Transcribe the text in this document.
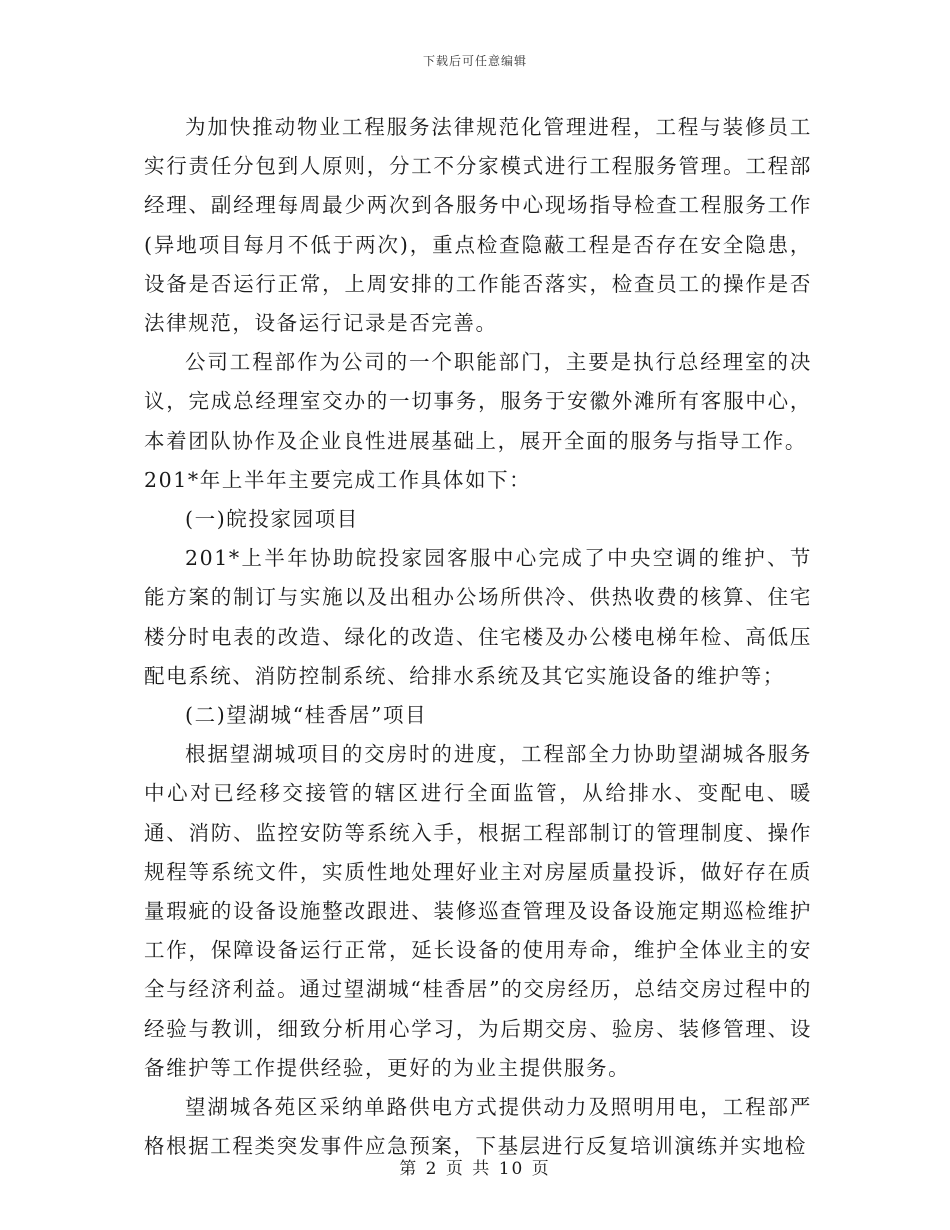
下载后可任意编辑

为加快推动物业工程服务法律规范化管理进程，工程与装修员工实行责任分包到人原则，分工不分家模式进行工程服务管理。工程部经理、副经理每周最少两次到各服务中心现场指导检查工程服务工作(异地项目每月不低于两次)，重点检查隐蔽工程是否存在安全隐患，设备是否运行正常，上周安排的工作能否落实，检查员工的操作是否法律规范，设备运行记录是否完善。

公司工程部作为公司的一个职能部门，主要是执行总经理室的决议，完成总经理室交办的一切事务，服务于安徽外滩所有客服中心，本着团队协作及企业良性进展基础上，展开全面的服务与指导工作。

201*年上半年主要完成工作具体如下：

(一)皖投家园项目

201*上半年协助皖投家园客服中心完成了中央空调的维护、节能方案的制订与实施以及出租办公场所供冷、供热收费的核算、住宅楼分时电表的改造、绿化的改造、住宅楼及办公楼电梯年检、高低压配电系统、消防控制系统、给排水系统及其它实施设备的维护等；

(二)望湖城“桂香居”项目

根据望湖城项目的交房时的进度，工程部全力协助望湖城各服务中心对已经移交接管的辖区进行全面监管，从给排水、变配电、暖通、消防、监控安防等系统入手，根据工程部制订的管理制度、操作规程等系统文件，实质性地处理好业主对房屋质量投诉，做好存在质量瑕疵的设备设施整改跟进、装修巡查管理及设备设施定期巡检维护工作，保障设备运行正常，延长设备的使用寿命，维护全体业主的安全与经济利益。通过望湖城“桂香居”的交房经历，总结交房过程中的经验与教训，细致分析用心学习，为后期交房、验房、装修管理、设备维护等工作提供经验，更好的为业主提供服务。

望湖城各苑区采纳单路供电方式提供动力及照明用电，工程部严格根据工程类突发事件应急预案，下基层进行反复培训演练并实地检

第 2 页 共 10 页
